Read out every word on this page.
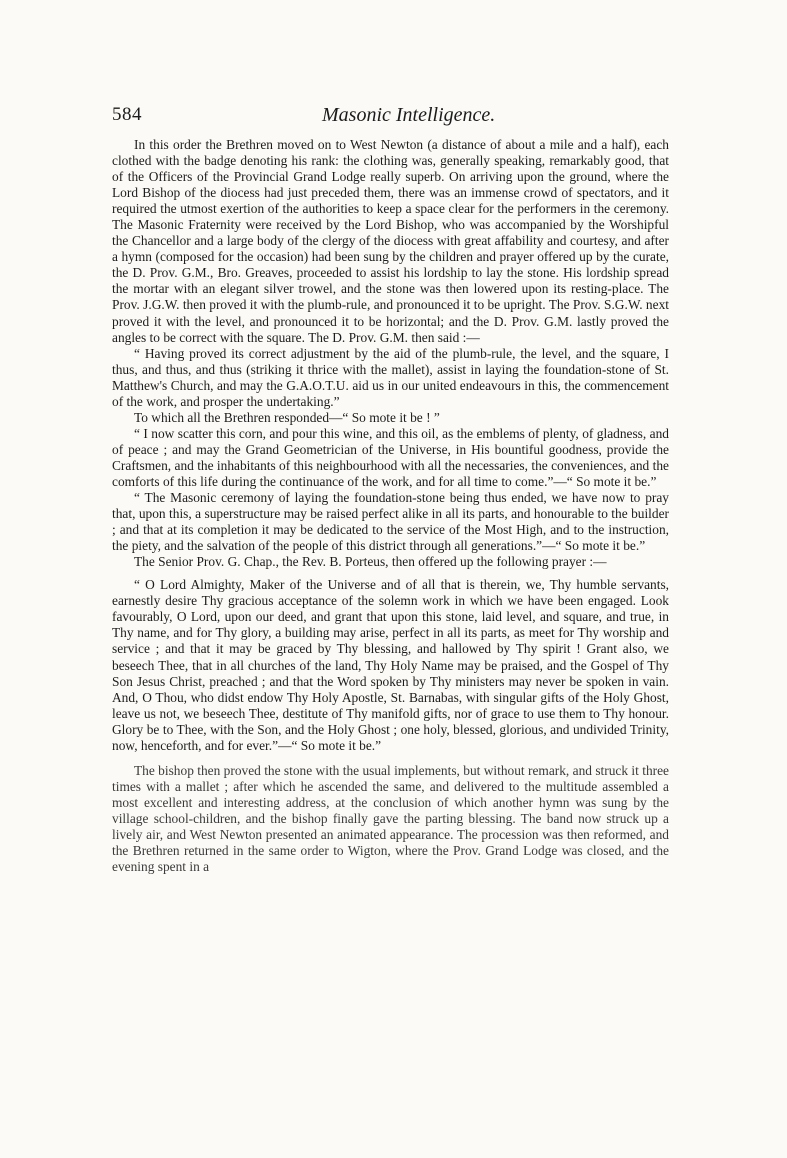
584	Masonic Intelligence.

In this order the Brethren moved on to West Newton (a distance of about a mile and a half), each clothed with the badge denoting his rank: the clothing was, generally speaking, remarkably good, that of the Officers of the Provincial Grand Lodge really superb. On arriving upon the ground, where the Lord Bishop of the diocess had just preceded them, there was an immense crowd of spectators, and it required the utmost exertion of the authorities to keep a space clear for the performers in the ceremony. The Masonic Fraternity were received by the Lord Bishop, who was accompanied by the Worshipful the Chancellor and a large body of the clergy of the diocess with great affability and courtesy, and after a hymn (composed for the occasion) had been sung by the children and prayer offered up by the curate, the D. Prov. G.M., Bro. Greaves, proceeded to assist his lordship to lay the stone. His lordship spread the mortar with an elegant silver trowel, and the stone was then lowered upon its resting-place. The Prov. J.G.W. then proved it with the plumb-rule, and pronounced it to be upright. The Prov. S.G.W. next proved it with the level, and pronounced it to be horizontal; and the D. Prov. G.M. lastly proved the angles to be correct with the square. The D. Prov. G.M. then said :—

“ Having proved its correct adjustment by the aid of the plumb-rule, the level, and the square, I thus, and thus, and thus (striking it thrice with the mallet), assist in laying the foundation-stone of St. Matthew's Church, and may the G.A.O.T.U. aid us in our united endeavours in this, the commencement of the work, and prosper the undertaking.”

To which all the Brethren responded—“ So mote it be ! ”

“ I now scatter this corn, and pour this wine, and this oil, as the emblems of plenty, of gladness, and of peace ; and may the Grand Geometrician of the Universe, in His bountiful goodness, provide the Craftsmen, and the inhabitants of this neighbourhood with all the necessaries, the conveniences, and the comforts of this life during the continuance of the work, and for all time to come.”—“ So mote it be.”

“ The Masonic ceremony of laying the foundation-stone being thus ended, we have now to pray that, upon this, a superstructure may be raised perfect alike in all its parts, and honourable to the builder ; and that at its completion it may be dedicated to the service of the Most High, and to the instruction, the piety, and the salvation of the people of this district through all generations.”—“ So mote it be.”

The Senior Prov. G. Chap., the Rev. B. Porteus, then offered up the following prayer :—

“ O Lord Almighty, Maker of the Universe and of all that is therein, we, Thy humble servants, earnestly desire Thy gracious acceptance of the solemn work in which we have been engaged. Look favourably, O Lord, upon our deed, and grant that upon this stone, laid level, and square, and true, in Thy name, and for Thy glory, a building may arise, perfect in all its parts, as meet for Thy worship and service ; and that it may be graced by Thy blessing, and hallowed by Thy spirit ! Grant also, we beseech Thee, that in all churches of the land, Thy Holy Name may be praised, and the Gospel of Thy Son Jesus Christ, preached ; and that the Word spoken by Thy ministers may never be spoken in vain. And, O Thou, who didst endow Thy Holy Apostle, St. Barnabas, with singular gifts of the Holy Ghost, leave us not, we beseech Thee, destitute of Thy manifold gifts, nor of grace to use them to Thy honour. Glory be to Thee, with the Son, and the Holy Ghost ; one holy, blessed, glorious, and undivided Trinity, now, henceforth, and for ever.”—“ So mote it be.”

The bishop then proved the stone with the usual implements, but without remark, and struck it three times with a mallet ; after which he ascended the same, and delivered to the multitude assembled a most excellent and interesting address, at the conclusion of which another hymn was sung by the village school-children, and the bishop finally gave the parting blessing. The band now struck up a lively air, and West Newton presented an animated appearance. The procession was then reformed, and the Brethren returned in the same order to Wigton, where the Prov. Grand Lodge was closed, and the evening spent in a
